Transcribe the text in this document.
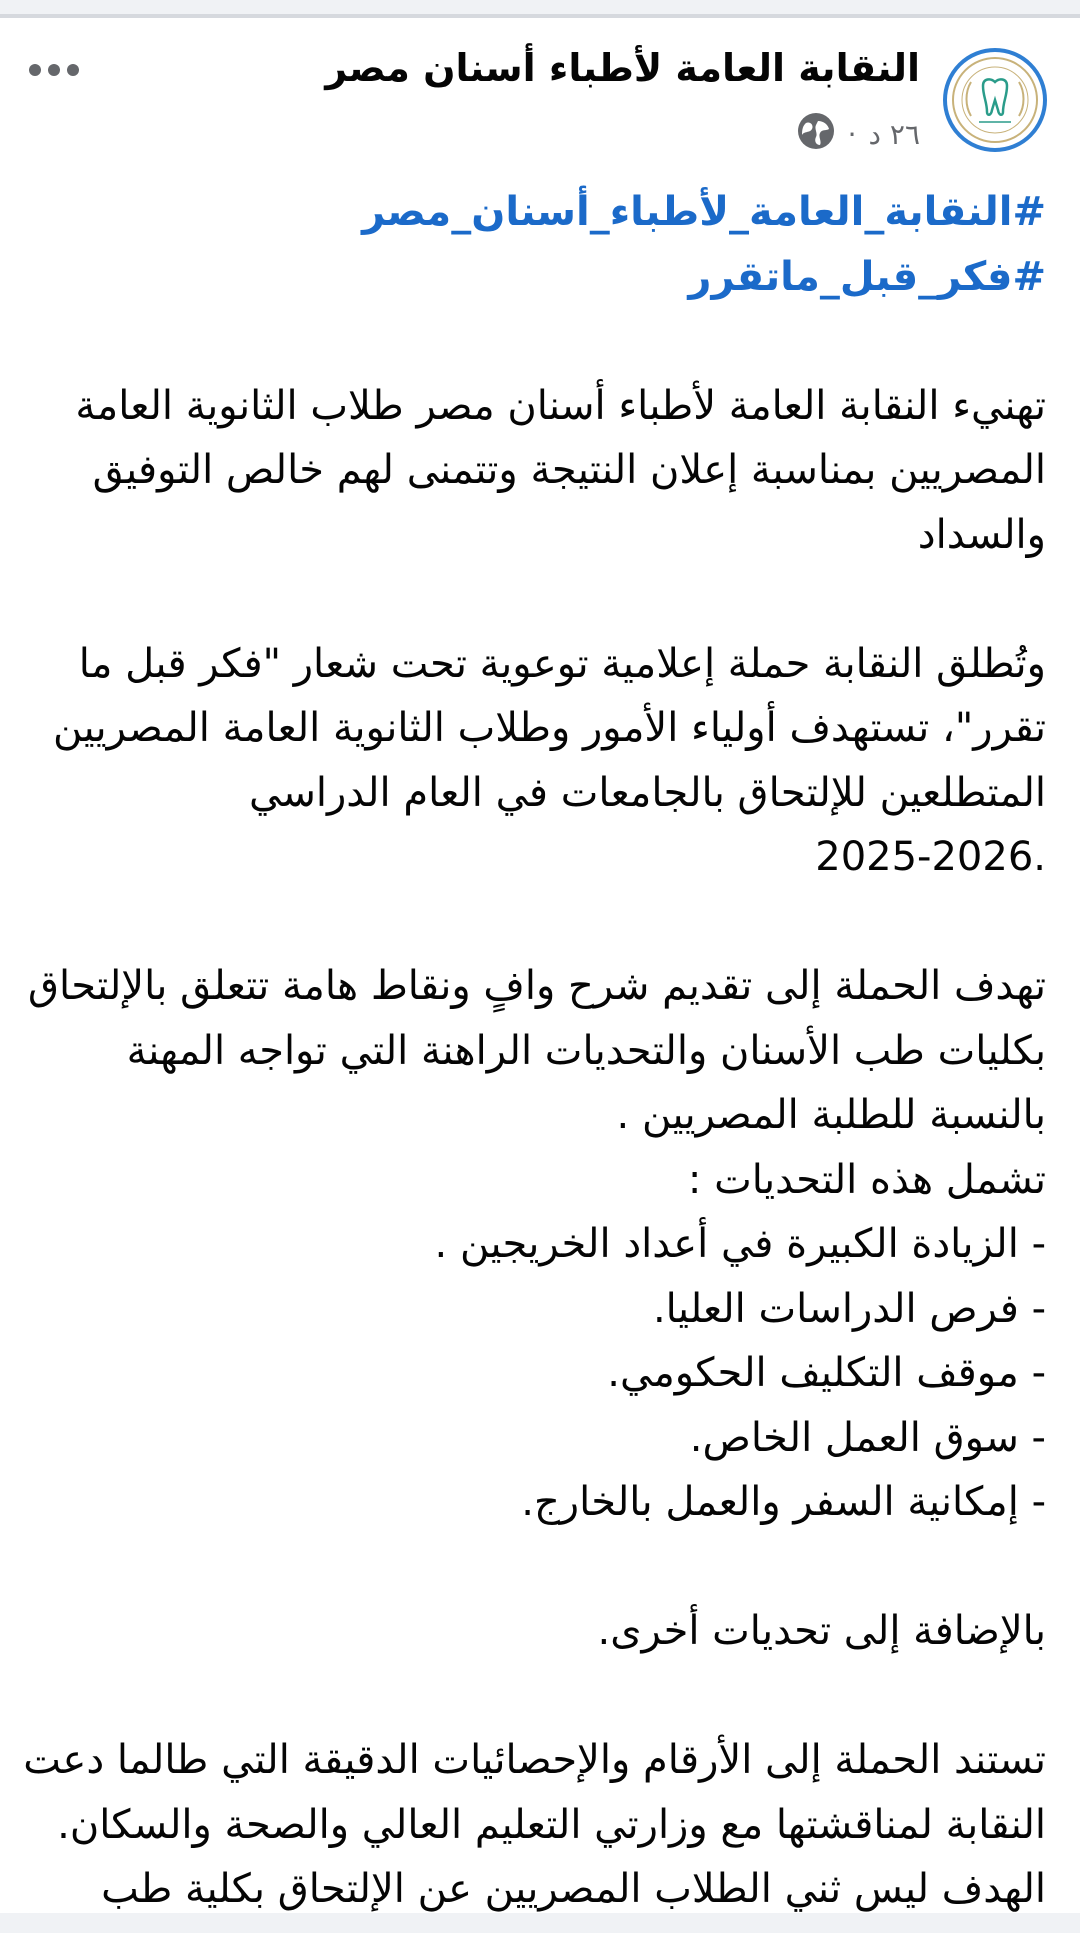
النقابة العامة لأطباء أسنان مصر
٢٦ د
·
#النقابة_العامة_لأطباء_أسنان_مصر
#فكر_قبل_ماتقرر
تهنيء النقابة العامة لأطباء أسنان مصر طلاب الثانوية العامة
المصريين بمناسبة إعلان النتيجة وتتمنى لهم خالص التوفيق
والسداد
وتُطلق النقابة حملة إعلامية توعوية تحت شعار "فكر قبل ما
تقرر"، تستهدف أولياء الأمور وطلاب الثانوية العامة المصريين
المتطلعين للإلتحاق بالجامعات في العام الدراسي
2025-2026.
تهدف الحملة إلى تقديم شرح وافٍ ونقاط هامة تتعلق بالإلتحاق
بكليات طب الأسنان والتحديات الراهنة التي تواجه المهنة
بالنسبة للطلبة المصريين .
تشمل هذه التحديات :
- الزيادة الكبيرة في أعداد الخريجين .
- فرص الدراسات العليا.
- موقف التكليف الحكومي.
- سوق العمل الخاص.
- إمكانية السفر والعمل بالخارج.
بالإضافة إلى تحديات أخرى.
تستند الحملة إلى الأرقام والإحصائيات الدقيقة التي طالما دعت
النقابة لمناقشتها مع وزارتي التعليم العالي والصحة والسكان.
الهدف ليس ثني الطلاب المصريين عن الإلتحاق بكلية طب
